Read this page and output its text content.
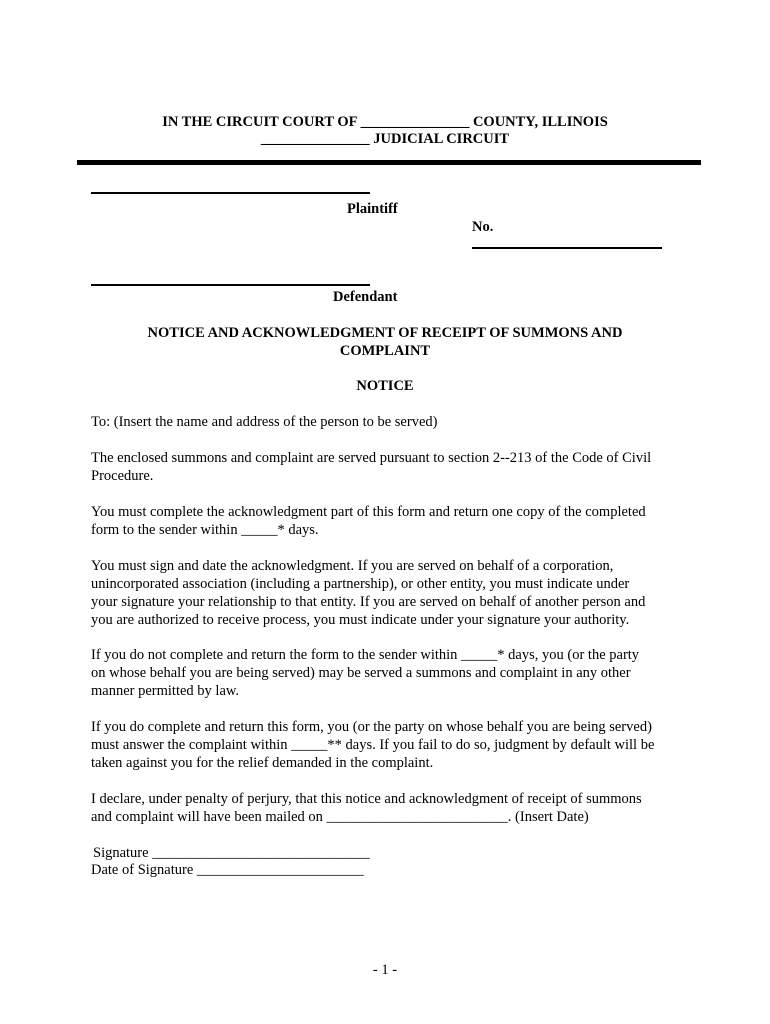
IN THE CIRCUIT COURT OF _______________ COUNTY, ILLINOIS
_______________ JUDICIAL CIRCUIT
Plaintiff
No.
Defendant
NOTICE AND ACKNOWLEDGMENT OF RECEIPT OF SUMMONS AND
COMPLAINT
NOTICE
To: (Insert the name and address of the person to be served)
The enclosed summons and complaint are served pursuant to section 2--213 of the Code of Civil
Procedure.
You must complete the acknowledgment part of this form and return one copy of the completed
form to the sender within _____* days.
You must sign and date the acknowledgment. If you are served on behalf of a corporation,
unincorporated association (including a partnership), or other entity, you must indicate under
your signature your relationship to that entity. If you are served on behalf of another person and
you are authorized to receive process, you must indicate under your signature your authority.
If you do not complete and return the form to the sender within _____* days, you (or the party
on whose behalf you are being served) may be served a summons and complaint in any other
manner permitted by law.
If you do complete and return this form, you (or the party on whose behalf you are being served)
must answer the complaint within _____** days. If you fail to do so, judgment by default will be
taken against you for the relief demanded in the complaint.
I declare, under penalty of perjury, that this notice and acknowledgment of receipt of summons
and complaint will have been mailed on _________________________. (Insert Date)
Signature ______________________________
Date of Signature _______________________
- 1 -
